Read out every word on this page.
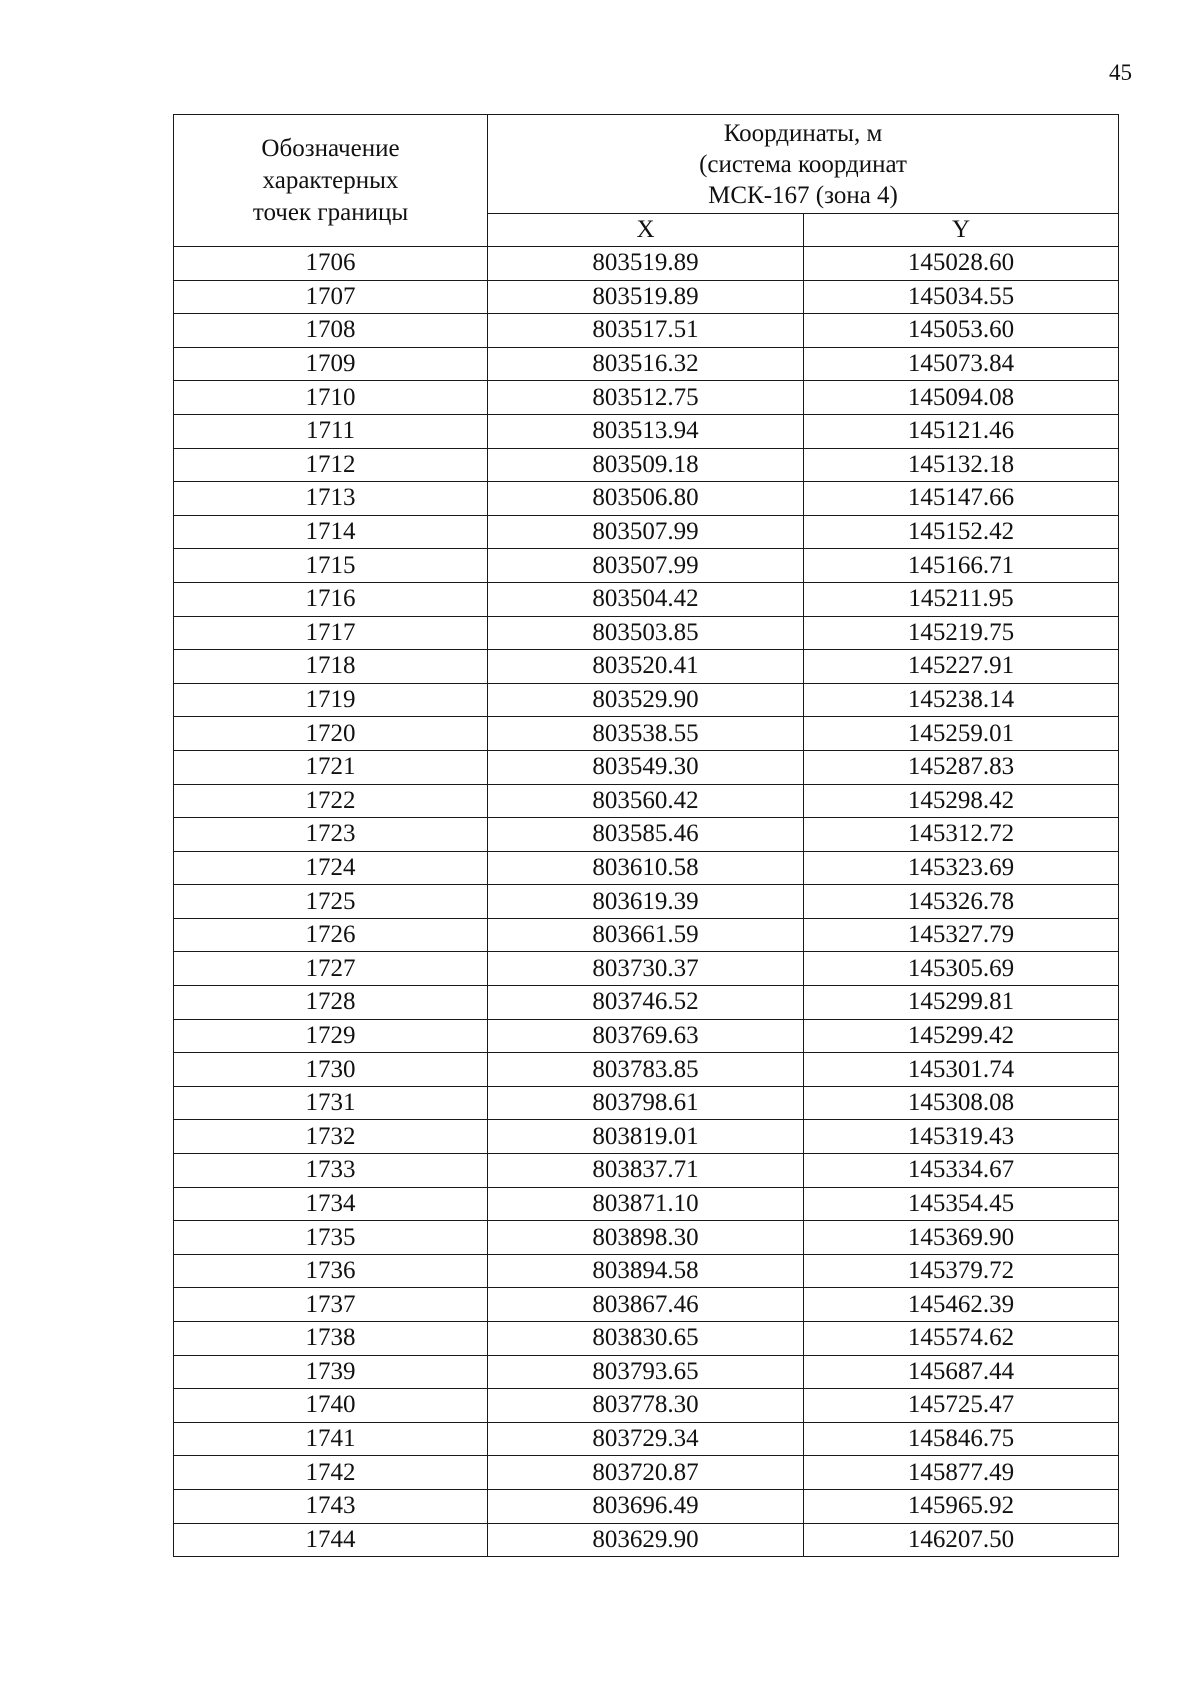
45
Обозначение
характерных
точек границы	Координаты, м
(система координат
МСК-167 (зона 4)	

	X	Y
1706	803519.89	145028.60
1707	803519.89	145034.55
1708	803517.51	145053.60
1709	803516.32	145073.84
1710	803512.75	145094.08
1711	803513.94	145121.46
1712	803509.18	145132.18
1713	803506.80	145147.66
1714	803507.99	145152.42
1715	803507.99	145166.71
1716	803504.42	145211.95
1717	803503.85	145219.75
1718	803520.41	145227.91
1719	803529.90	145238.14
1720	803538.55	145259.01
1721	803549.30	145287.83
1722	803560.42	145298.42
1723	803585.46	145312.72
1724	803610.58	145323.69
1725	803619.39	145326.78
1726	803661.59	145327.79
1727	803730.37	145305.69
1728	803746.52	145299.81
1729	803769.63	145299.42
1730	803783.85	145301.74
1731	803798.61	145308.08
1732	803819.01	145319.43
1733	803837.71	145334.67
1734	803871.10	145354.45
1735	803898.30	145369.90
1736	803894.58	145379.72
1737	803867.46	145462.39
1738	803830.65	145574.62
1739	803793.65	145687.44
1740	803778.30	145725.47
1741	803729.34	145846.75
1742	803720.87	145877.49
1743	803696.49	145965.92
1744	803629.90	146207.50
